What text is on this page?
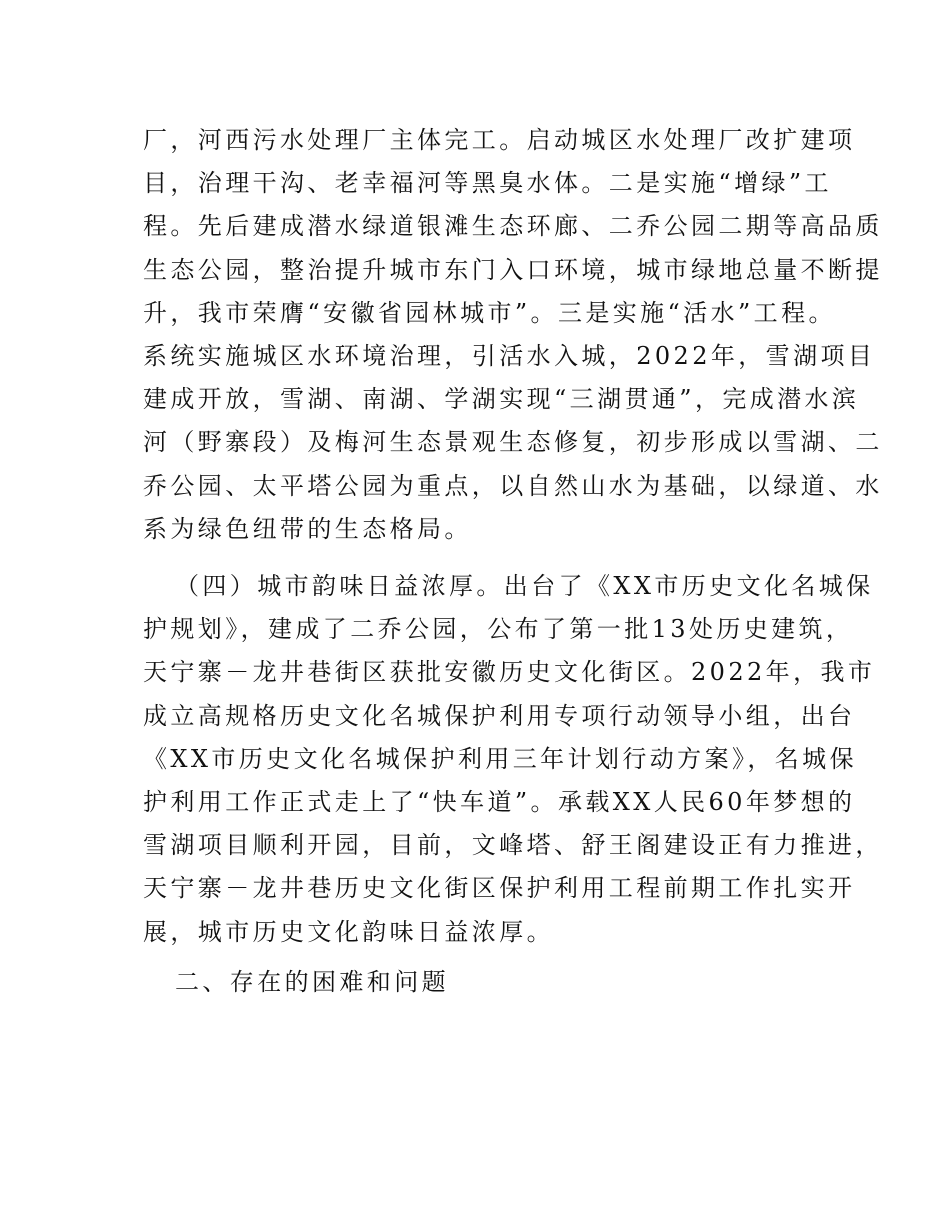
厂，河西污水处理厂主体完工。启动城区水处理厂改扩建项
目，治理干沟、老幸福河等黑臭水体。二是实施“增绿”工
程。先后建成潜水绿道银滩生态环廊、二乔公园二期等高品质
生态公园，整治提升城市东门入口环境，城市绿地总量不断提
升，我市荣膺“安徽省园林城市”。三是实施“活水”工程。
系统实施城区水环境治理，引活水入城，2022年，雪湖项目
建成开放，雪湖、南湖、学湖实现“三湖贯通”，完成潜水滨
河（野寨段）及梅河生态景观生态修复，初步形成以雪湖、二
乔公园、太平塔公园为重点，以自然山水为基础，以绿道、水
系为绿色纽带的生态格局。
（四）城市韵味日益浓厚。出台了《XX市历史文化名城保
护规划》，建成了二乔公园，公布了第一批13处历史建筑，
天宁寨－龙井巷街区获批安徽历史文化街区。2022年，我市
成立高规格历史文化名城保护利用专项行动领导小组，出台
《XX市历史文化名城保护利用三年计划行动方案》，名城保
护利用工作正式走上了“快车道”。承载XX人民60年梦想的
雪湖项目顺利开园，目前，文峰塔、舒王阁建设正有力推进，
天宁寨－龙井巷历史文化街区保护利用工程前期工作扎实开
展，城市历史文化韵味日益浓厚。
二、存在的困难和问题
